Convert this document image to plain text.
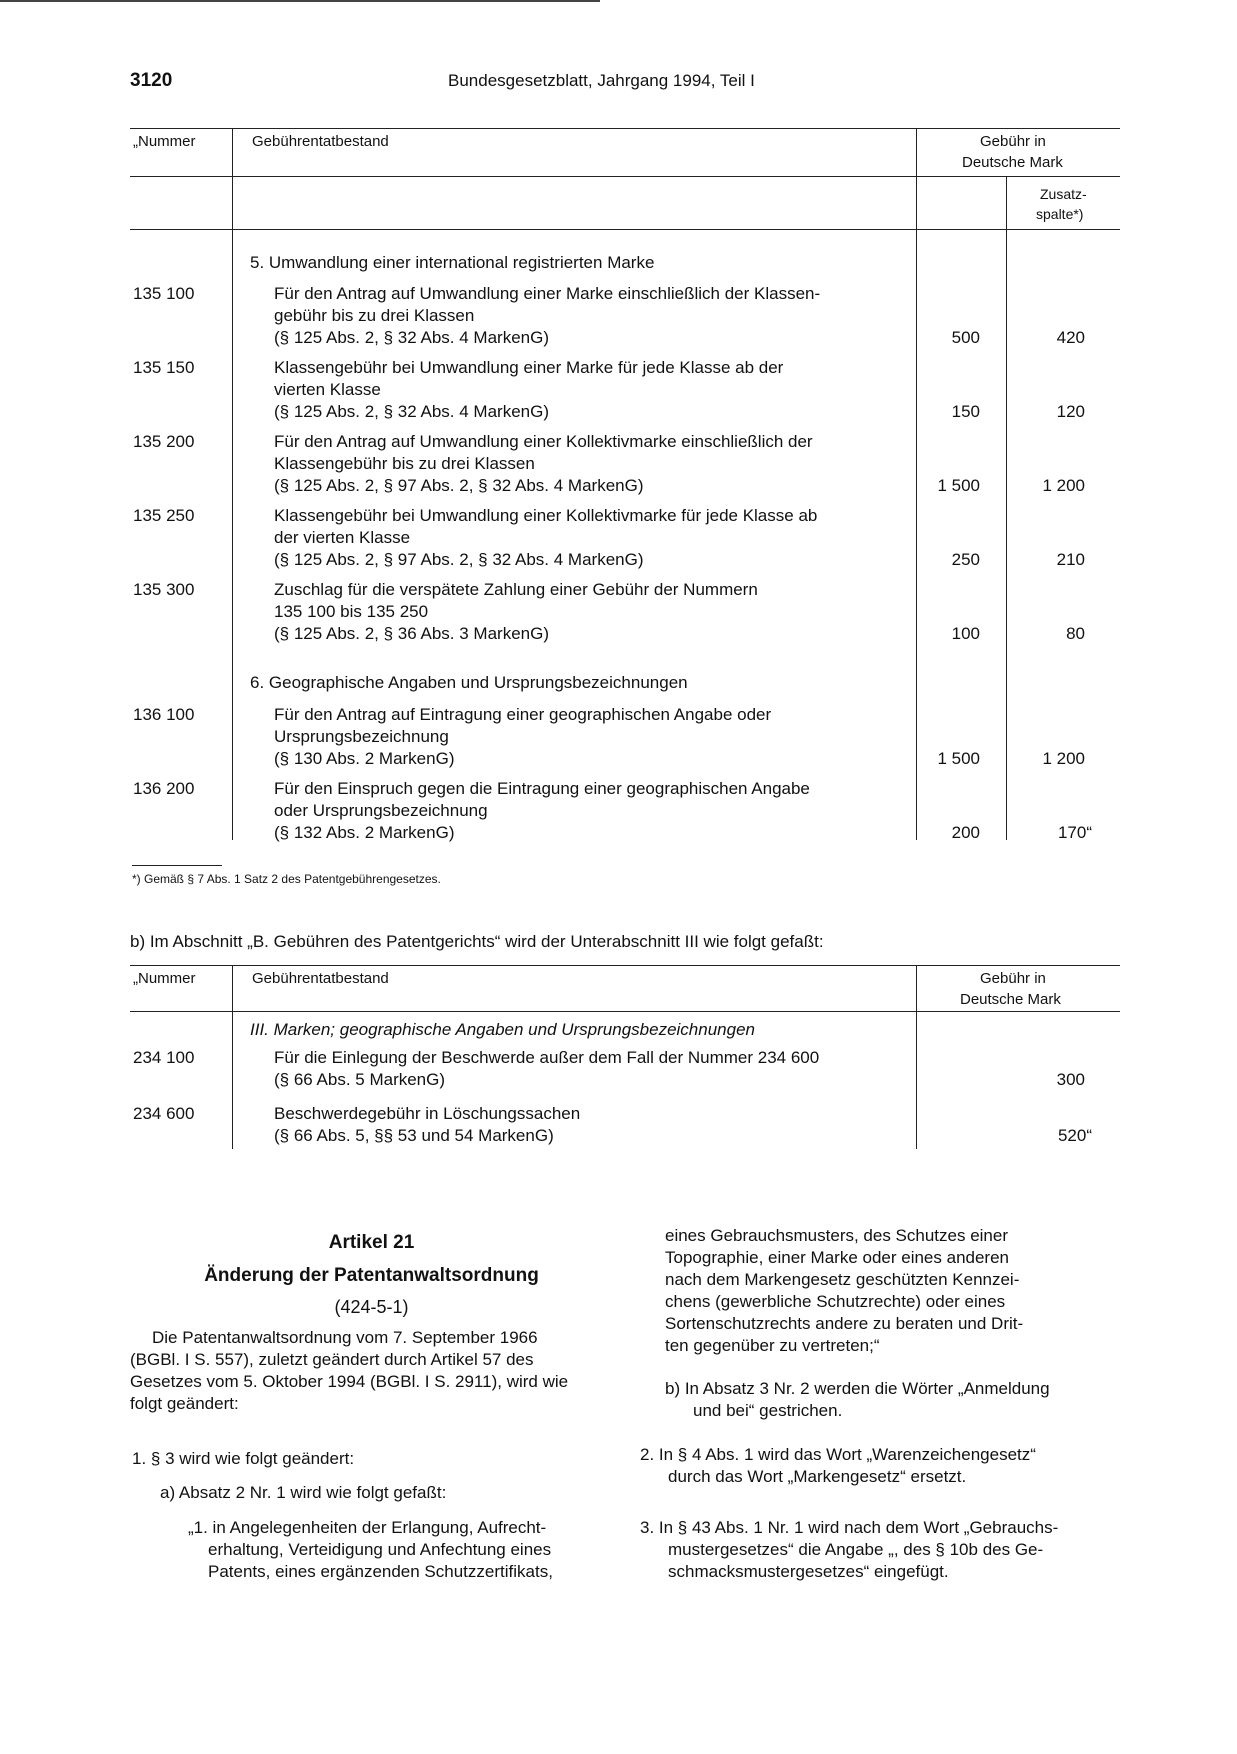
3120	Bundesgesetzblatt, Jahrgang 1994, Teil I
„Nummer	Gebührentatbestand	Gebühr in
Deutsche Mark
Zusatz-
spalte*)
5. Umwandlung einer international registrierten Marke
135 100	Für den Antrag auf Umwandlung einer Marke einschließlich der Klassen-
gebühr bis zu drei Klassen
(§ 125 Abs. 2, § 32 Abs. 4 MarkenG)	500	420
135 150	Klassengebühr bei Umwandlung einer Marke für jede Klasse ab der
vierten Klasse
(§ 125 Abs. 2, § 32 Abs. 4 MarkenG)	150	120
135 200	Für den Antrag auf Umwandlung einer Kollektivmarke einschließlich der
Klassengebühr bis zu drei Klassen
(§ 125 Abs. 2, § 97 Abs. 2, § 32 Abs. 4 MarkenG)	1 500	1 200
135 250	Klassengebühr bei Umwandlung einer Kollektivmarke für jede Klasse ab
der vierten Klasse
(§ 125 Abs. 2, § 97 Abs. 2, § 32 Abs. 4 MarkenG)	250	210
135 300	Zuschlag für die verspätete Zahlung einer Gebühr der Nummern
135 100 bis 135 250
(§ 125 Abs. 2, § 36 Abs. 3 MarkenG)	100	80
6. Geographische Angaben und Ursprungsbezeichnungen
136 100	Für den Antrag auf Eintragung einer geographischen Angabe oder
Ursprungsbezeichnung
(§ 130 Abs. 2 MarkenG)	1 500	1 200
136 200	Für den Einspruch gegen die Eintragung einer geographischen Angabe
oder Ursprungsbezeichnung
(§ 132 Abs. 2 MarkenG)	200	170“
*) Gemäß § 7 Abs. 1 Satz 2 des Patentgebührengesetzes.
b) Im Abschnitt „B. Gebühren des Patentgerichts“ wird der Unterabschnitt III wie folgt gefaßt:
„Nummer	Gebührentatbestand	Gebühr in
Deutsche Mark
III. Marken; geographische Angaben und Ursprungsbezeichnungen
234 100	Für die Einlegung der Beschwerde außer dem Fall der Nummer 234 600
(§ 66 Abs. 5 MarkenG)	300
234 600	Beschwerdegebühr in Löschungssachen
(§ 66 Abs. 5, §§ 53 und 54 MarkenG)	520“
Artikel 21
Änderung der Patentanwaltsordnung
(424-5-1)
Die Patentanwaltsordnung vom 7. September 1966
(BGBl. I S. 557), zuletzt geändert durch Artikel 57 des
Gesetzes vom 5. Oktober 1994 (BGBl. I S. 2911), wird wie
folgt geändert:
1. § 3 wird wie folgt geändert:
a) Absatz 2 Nr. 1 wird wie folgt gefaßt:
„1. in Angelegenheiten der Erlangung, Aufrecht-
erhaltung, Verteidigung und Anfechtung eines
Patents, eines ergänzenden Schutzzertifikats,
eines Gebrauchsmusters, des Schutzes einer
Topographie, einer Marke oder eines anderen
nach dem Markengesetz geschützten Kennzei-
chens (gewerbliche Schutzrechte) oder eines
Sortenschutzrechts andere zu beraten und Drit-
ten gegenüber zu vertreten;“
b) In Absatz 3 Nr. 2 werden die Wörter „Anmeldung
und bei“ gestrichen.
2. In § 4 Abs. 1 wird das Wort „Warenzeichengesetz“
durch das Wort „Markengesetz“ ersetzt.
3. In § 43 Abs. 1 Nr. 1 wird nach dem Wort „Gebrauchs-
mustergesetzes“ die Angabe „, des § 10b des Ge-
schmacksmustergesetzes“ eingefügt.
